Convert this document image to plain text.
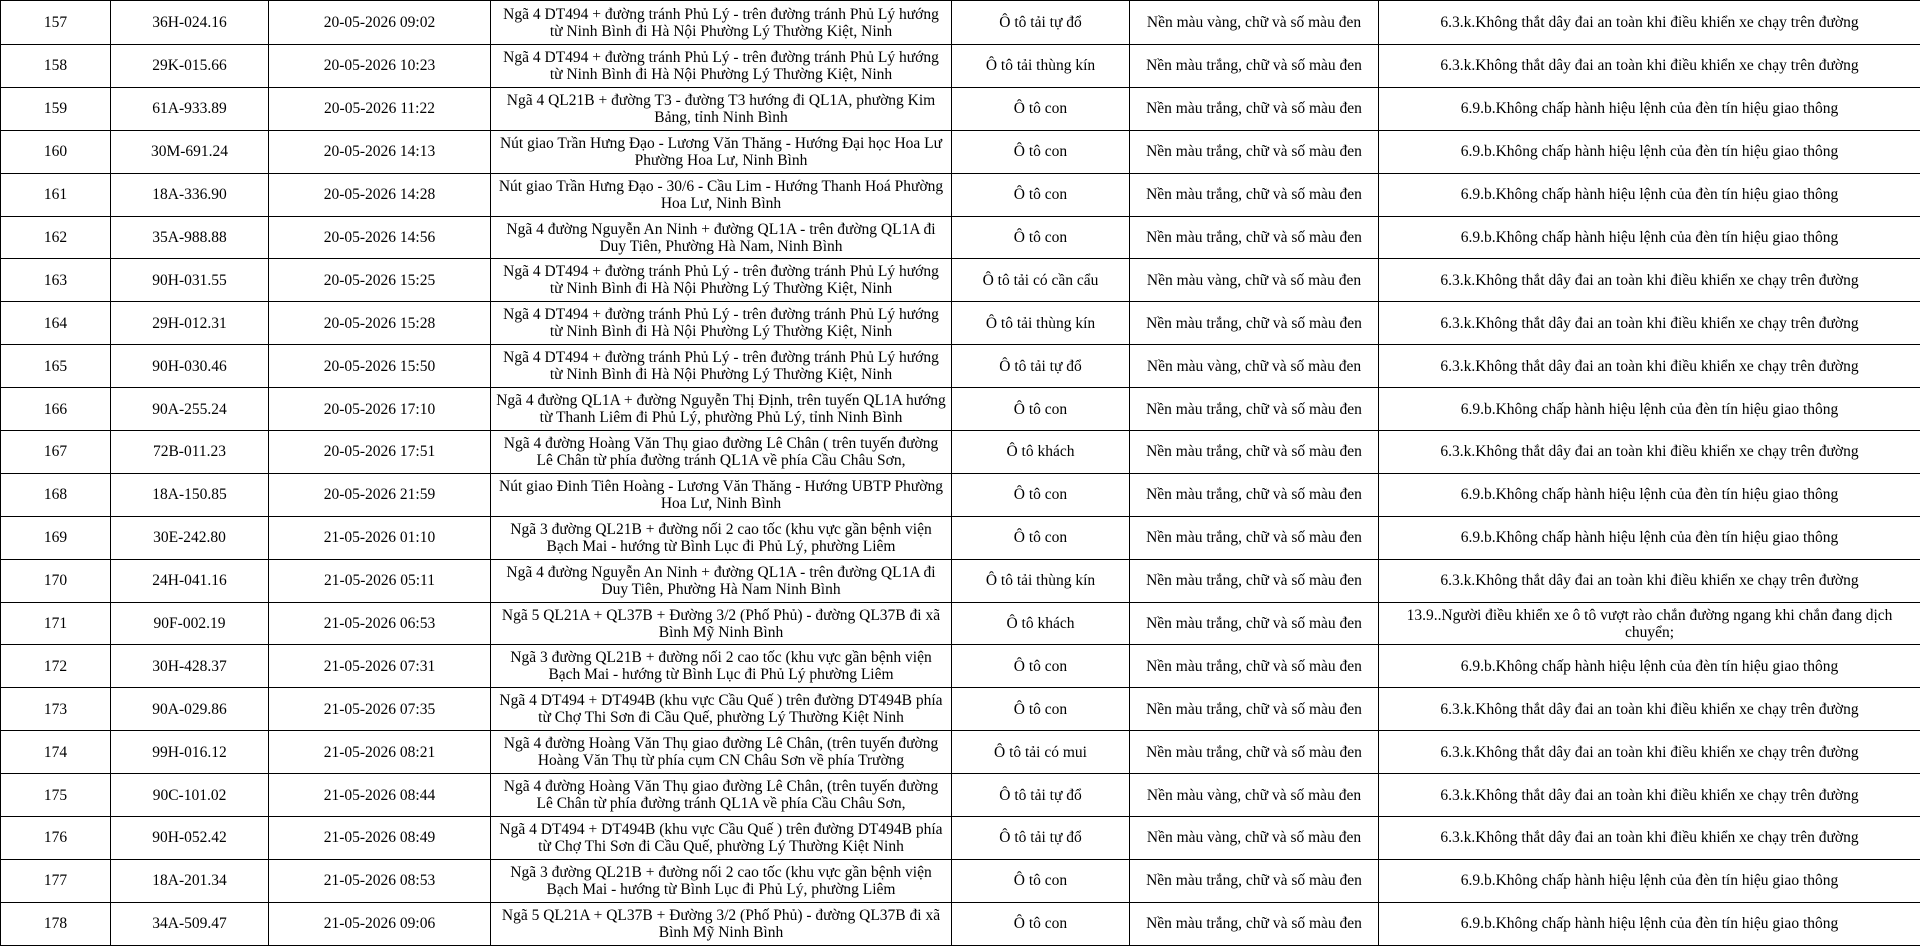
157	36H-024.16	20-05-2026 09:02	Ngã 4 DT494 + đường tránh Phủ Lý - trên đường tránh Phủ Lý hướng từ Ninh Bình đi Hà Nội Phường Lý Thường Kiệt, Ninh	Ô tô tải tự đổ	Nền màu vàng, chữ và số màu đen	6.3.k.Không thắt dây đai an toàn khi điều khiển xe chạy trên đường

158	29K-015.66	20-05-2026 10:23	Ngã 4 DT494 + đường tránh Phủ Lý - trên đường tránh Phủ Lý hướng từ Ninh Bình đi Hà Nội Phường Lý Thường Kiệt, Ninh	Ô tô tải thùng kín	Nền màu trắng, chữ và số màu đen	6.3.k.Không thắt dây đai an toàn khi điều khiển xe chạy trên đường

159	61A-933.89	20-05-2026 11:22	Ngã 4 QL21B + đường T3 - đường T3 hướng đi QL1A, phường Kim Bảng, tỉnh Ninh Bình	Ô tô con	Nền màu trắng, chữ và số màu đen	6.9.b.Không chấp hành hiệu lệnh của đèn tín hiệu giao thông

160	30M-691.24	20-05-2026 14:13	Nút giao Trần Hưng Đạo - Lương Văn Thăng - Hướng Đại học Hoa Lư Phường Hoa Lư, Ninh Bình	Ô tô con	Nền màu trắng, chữ và số màu đen	6.9.b.Không chấp hành hiệu lệnh của đèn tín hiệu giao thông

161	18A-336.90	20-05-2026 14:28	Nút giao Trần Hưng Đạo - 30/6 - Cầu Lim - Hướng Thanh Hoá Phường Hoa Lư, Ninh Bình	Ô tô con	Nền màu trắng, chữ và số màu đen	6.9.b.Không chấp hành hiệu lệnh của đèn tín hiệu giao thông

162	35A-988.88	20-05-2026 14:56	Ngã 4 đường Nguyễn An Ninh + đường QL1A - trên đường QL1A đi Duy Tiên, Phường Hà Nam, Ninh Bình	Ô tô con	Nền màu trắng, chữ và số màu đen	6.9.b.Không chấp hành hiệu lệnh của đèn tín hiệu giao thông

163	90H-031.55	20-05-2026 15:25	Ngã 4 DT494 + đường tránh Phủ Lý - trên đường tránh Phủ Lý hướng từ Ninh Bình đi Hà Nội Phường Lý Thường Kiệt, Ninh	Ô tô tải có cần cẩu	Nền màu vàng, chữ và số màu đen	6.3.k.Không thắt dây đai an toàn khi điều khiển xe chạy trên đường

164	29H-012.31	20-05-2026 15:28	Ngã 4 DT494 + đường tránh Phủ Lý - trên đường tránh Phủ Lý hướng từ Ninh Bình đi Hà Nội Phường Lý Thường Kiệt, Ninh	Ô tô tải thùng kín	Nền màu trắng, chữ và số màu đen	6.3.k.Không thắt dây đai an toàn khi điều khiển xe chạy trên đường

165	90H-030.46	20-05-2026 15:50	Ngã 4 DT494 + đường tránh Phủ Lý - trên đường tránh Phủ Lý hướng từ Ninh Bình đi Hà Nội Phường Lý Thường Kiệt, Ninh	Ô tô tải tự đổ	Nền màu vàng, chữ và số màu đen	6.3.k.Không thắt dây đai an toàn khi điều khiển xe chạy trên đường

166	90A-255.24	20-05-2026 17:10	Ngã 4 đường QL1A + đường Nguyễn Thị Định, trên tuyến QL1A hướng từ Thanh Liêm đi Phủ Lý, phường Phủ Lý, tỉnh Ninh Bình	Ô tô con	Nền màu trắng, chữ và số màu đen	6.9.b.Không chấp hành hiệu lệnh của đèn tín hiệu giao thông

167	72B-011.23	20-05-2026 17:51	Ngã 4 đường Hoàng Văn Thụ giao đường Lê Chân ( trên tuyến đường Lê Chân từ phía đường tránh QL1A về phía Cầu Châu Sơn,	Ô tô khách	Nền màu trắng, chữ và số màu đen	6.3.k.Không thắt dây đai an toàn khi điều khiển xe chạy trên đường

168	18A-150.85	20-05-2026 21:59	Nút giao Đinh Tiên Hoàng - Lương Văn Thăng - Hướng UBTP Phường Hoa Lư, Ninh Bình	Ô tô con	Nền màu trắng, chữ và số màu đen	6.9.b.Không chấp hành hiệu lệnh của đèn tín hiệu giao thông

169	30E-242.80	21-05-2026 01:10	Ngã 3 đường QL21B + đường nối 2 cao tốc (khu vực gần bệnh viện Bạch Mai - hướng từ Bình Lục đi Phủ Lý, phường Liêm	Ô tô con	Nền màu trắng, chữ và số màu đen	6.9.b.Không chấp hành hiệu lệnh của đèn tín hiệu giao thông

170	24H-041.16	21-05-2026 05:11	Ngã 4 đường Nguyễn An Ninh + đường QL1A - trên đường QL1A đi Duy Tiên, Phường Hà Nam Ninh Bình	Ô tô tải thùng kín	Nền màu trắng, chữ và số màu đen	6.3.k.Không thắt dây đai an toàn khi điều khiển xe chạy trên đường

171	90F-002.19	21-05-2026 06:53	Ngã 5 QL21A + QL37B + Đường 3/2 (Phố Phủ) - đường QL37B đi xã Bình Mỹ Ninh Bình	Ô tô khách	Nền màu trắng, chữ và số màu đen	13.9..Người điều khiển xe ô tô vượt rào chắn đường ngang khi chắn đang dịch chuyển;

172	30H-428.37	21-05-2026 07:31	Ngã 3 đường QL21B + đường nối 2 cao tốc (khu vực gần bệnh viện Bạch Mai - hướng từ Bình Lục đi Phủ Lý phường Liêm	Ô tô con	Nền màu trắng, chữ và số màu đen	6.9.b.Không chấp hành hiệu lệnh của đèn tín hiệu giao thông

173	90A-029.86	21-05-2026 07:35	Ngã 4 DT494 + DT494B (khu vực Cầu Quế ) trên đường DT494B phía từ Chợ Thi Sơn đi Cầu Quế, phường Lý Thường Kiệt Ninh	Ô tô con	Nền màu trắng, chữ và số màu đen	6.3.k.Không thắt dây đai an toàn khi điều khiển xe chạy trên đường

174	99H-016.12	21-05-2026 08:21	Ngã 4 đường Hoàng Văn Thụ giao đường Lê Chân, (trên tuyến đường Hoàng Văn Thụ từ phía cụm CN Châu Sơn về phía Trường	Ô tô tải có mui	Nền màu trắng, chữ và số màu đen	6.3.k.Không thắt dây đai an toàn khi điều khiển xe chạy trên đường

175	90C-101.02	21-05-2026 08:44	Ngã 4 đường Hoàng Văn Thụ giao đường Lê Chân, (trên tuyến đường Lê Chân từ phía đường tránh QL1A về phía Cầu Châu Sơn,	Ô tô tải tự đổ	Nền màu vàng, chữ và số màu đen	6.3.k.Không thắt dây đai an toàn khi điều khiển xe chạy trên đường

176	90H-052.42	21-05-2026 08:49	Ngã 4 DT494 + DT494B (khu vực Cầu Quế ) trên đường DT494B phía từ Chợ Thi Sơn đi Cầu Quế, phường Lý Thường Kiệt Ninh	Ô tô tải tự đổ	Nền màu vàng, chữ và số màu đen	6.3.k.Không thắt dây đai an toàn khi điều khiển xe chạy trên đường

177	18A-201.34	21-05-2026 08:53	Ngã 3 đường QL21B + đường nối 2 cao tốc (khu vực gần bệnh viện Bạch Mai - hướng từ Bình Lục đi Phủ Lý, phường Liêm	Ô tô con	Nền màu trắng, chữ và số màu đen	6.9.b.Không chấp hành hiệu lệnh của đèn tín hiệu giao thông

178	34A-509.47	21-05-2026 09:06	Ngã 5 QL21A + QL37B + Đường 3/2 (Phố Phủ) - đường QL37B đi xã Bình Mỹ Ninh Bình	Ô tô con	Nền màu trắng, chữ và số màu đen	6.9.b.Không chấp hành hiệu lệnh của đèn tín hiệu giao thông
